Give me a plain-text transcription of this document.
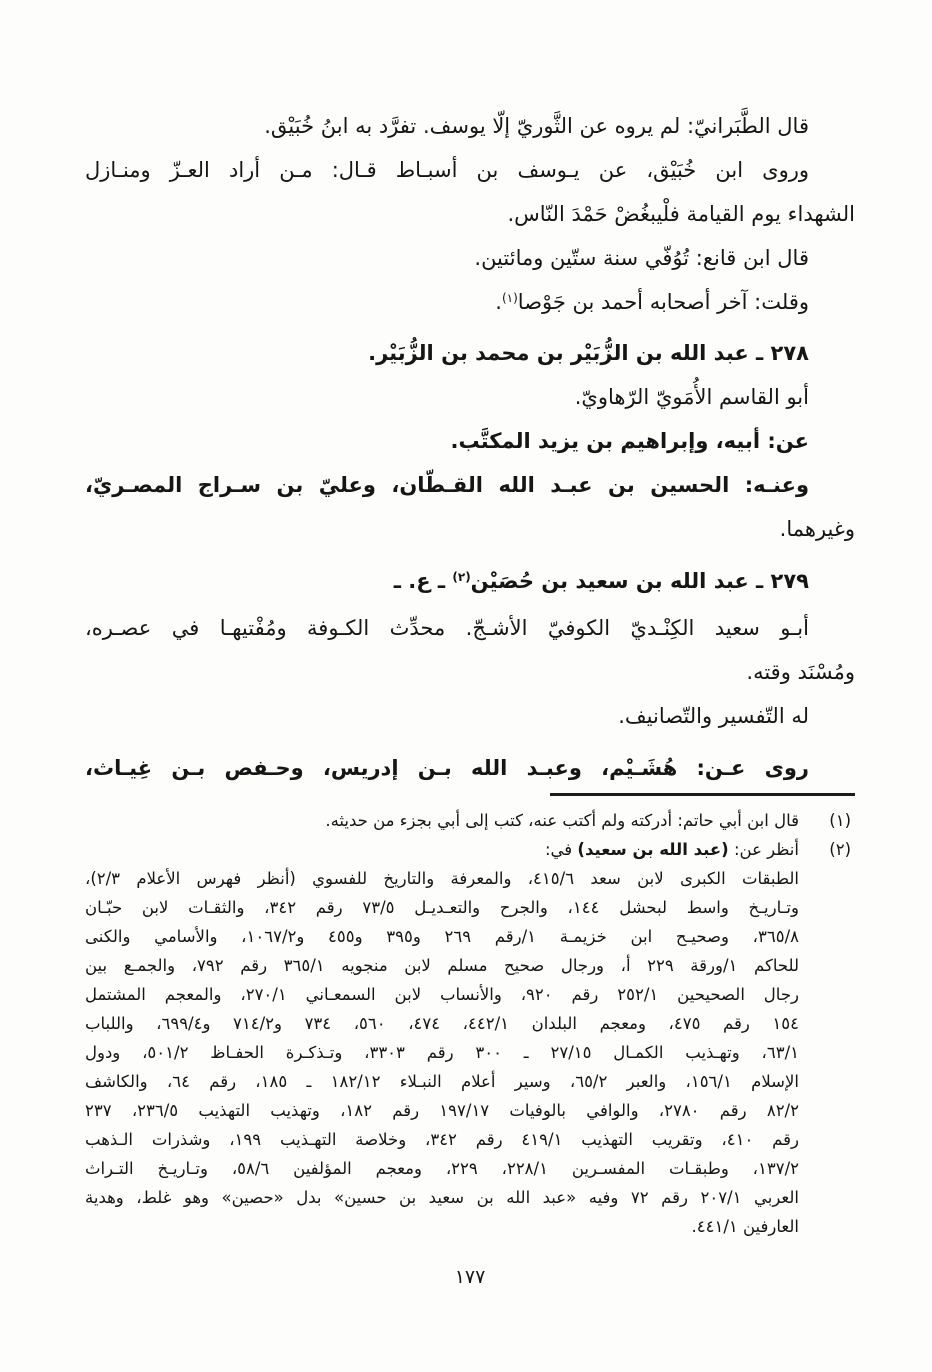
قال الطَّبَرانيّ: لم يروه عن الثَّوريّ إلّا يوسف. تفرَّد به ابنُ خُبَيْق.
وروى ابن خُبَيْق، عن يـوسف بن أسبـاط قـال: مـن أراد العـزّ ومنـازل
الشهداء يوم القيامة فلْيبغُضْ حَمْدَ النّاس.
قال ابن قانع: تُوُفّي سنة ستّين ومائتين.
وقلت: آخر أصحابه أحمد بن جَوْصا$^{(١)}$.
٢٧٨ ـ عبد الله بن الزُّبَيْر بن محمد بن الزُّبَيْر.
أبو القاسم الأُمَويّ الرّهاويّ.
عن: أبيه، وإبراهيم بن يزيد المكتَّب.
وعنـه: الحسين بن عبـد الله القـطّان، وعليّ بن سـراج المصـريّ،
وغيرهما.
٢٧٩ ـ عبد الله بن سعيد بن حُصَيْن$^{(٢)}$ ـ ع. ـ
أبـو سعيد الكِنْـديّ الكوفيّ الأشـجّ. محدِّث الكـوفة ومُفْتيهـا في عصـره،
ومُسْنَد وقته.
له التّفسير والتّصانيف.
روى عـن: هُشَـيْم، وعبـد الله بـن إدريس، وحـفص بـن غِيـاث،
(١)
قال ابن أبي حاتم: أدركته ولم أكتب عنه، كتب إلى أبي بجزء من حديثه.
(٢)
أنظر عن: (عبد الله بن سعيد) في:
الطبقات الكبرى لابن سعد ٤١٥/٦، والمعرفة والتاريخ للفسوي (أنظر فهرس الأعلام ٢/٣)،
وتـاريـخ واسط لبحشل ١٤٤، والجرح والتعـديـل ٧٣/٥ رقم ٣٤٢، والثقـات لابن حبّـان
٣٦٥/٨، وصحيـح ابن خزيمـة ١/رقم ٢٦٩ و٣٩٥ و٤٥٥ و١٠٦٧/٢، والأسامي والكنى
للحاكم ١/ورقة ٢٢٩ أ، ورجال صحيح مسلم لابن منجويه ٣٦٥/١ رقم ٧٩٢، والجمـع بين
رجال الصحيحين ٢٥٢/١ رقم ٩٢٠، والأنساب لابن السمعـاني ٢٧٠/١، والمعجم المشتمل
١٥٤ رقم ٤٧٥، ومعجم البلدان ٤٤٢/١، ٤٧٤، ٥٦٠، ٧٣٤ و٧١٤/٢ و٦٩٩/٤، واللباب
٦٣/١، وتهـذيب الكمـال ٢٧/١٥ ـ ٣٠٠ رقم ٣٣٠٣، وتـذكـرة الحفـاظ ٥٠١/٢، ودول
الإسلام ١٥٦/١، والعبر ٦٥/٢، وسير أعلام النبـلاء ١٨٢/١٢ ـ ١٨٥، رقم ٦٤، والكاشف
٨٢/٢ رقم ٢٧٨٠، والوافي بالوفيات ١٩٧/١٧ رقم ١٨٢، وتهذيب التهذيب ٢٣٦/٥، ٢٣٧
رقم ٤١٠، وتقريب التهذيب ٤١٩/١ رقم ٣٤٢، وخلاصة التهـذيب ١٩٩، وشذرات الـذهب
١٣٧/٢، وطبقـات المفسـرين ٢٢٨/١، ٢٢٩، ومعجم المؤلفين ٥٨/٦، وتـاريـخ التـراث
العربي ٢٠٧/١ رقم ٧٢ وفيه «عبد الله بن سعيد بن حسين» بدل «حصين» وهو غلط، وهدية
العارفين ٤٤١/١.
١٧٧
